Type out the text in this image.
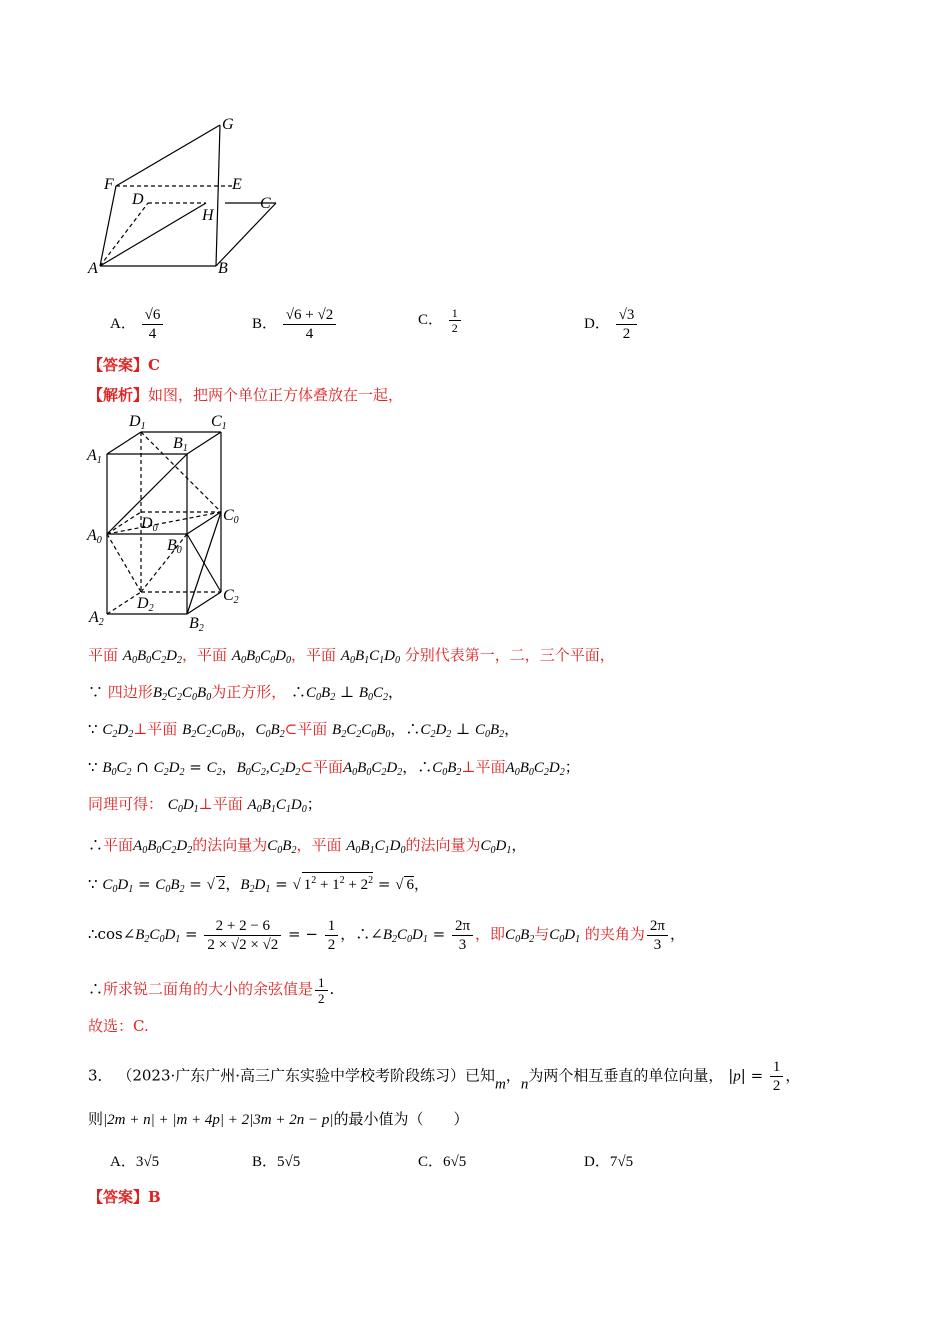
G
F	E
D
H
C
A	B
A． $\frac{√6}{4}$	B． $\frac{√6 + √2}{4}$	C． $\frac{1}{2}$	D． $\frac{√3}{2}$
【答案】C
【解析】如图，把两个单位正方体叠放在一起，
D1	C1
B1
A1
C0
D0
A0	B0
C2
D2
A2	B2
平面 $A_0B_0C_2D_2$，平面 $A_0B_0C_0D_0$，平面 $A_0B_1C_1D_0$ 分别代表第一，二，三个平面，
∵ 四边形$B_2C_2C_0B_0$为正方形， $\therefore C_0B_2$ ⊥ $B_0C_2$，
∵ $C_2D_2\perp$平面 $B_2C_2C_0B_0$，$C_0B_2\subset$平面 $B_2C_2C_0B_0$，$\therefore C_2D_2$ ⊥ $C_0B_2$，
∵ $B_0C_2$ ∩ $C_2D_2 = C_2$，$B_0C_2,C_2D_2\subset$平面$A_0B_0C_2D_2$，$\therefore C_0B_2\perp$平面$A_0B_0C_2D_2$；
同理可得： $C_0D_1\perp$平面 $A_0B_1C_1D_0$；
∴平面$A_0B_0C_2D_2$的法向量为$C_0B_2$，平面 $A_0B_1C_1D_0$的法向量为$C_0D_1$，
∵ $C_0D_1 = C_0B_2$ = √ 2，$B_2D_1$ = √ $1^2 + 1^2 + 2^2$ = √ 6，
$\therefore\cos\angle B_2C_0D_1 = \frac{2 + 2 - 6}{2 \times √2 \times √2}$ = − $\frac{1}{2}$ ，$\therefore\angle B_2C_0D_1 = \frac{2\pi}{3}$ ，即$C_0B_2$与$C_0D_1$ 的夹角为 $\frac{2\pi}{3}$ ，
∴所求锐二面角的大小的余弦值是 $\frac{1}{2}$ .
故选：C.
3． （2023·广东广州·高三广东实验中学校考阶段练习）已知m，n为两个相互垂直的单位向量， $|p| = \frac{1}{2}$ ，
则|2m + n| + |m + 4p| + 2|3m + 2n − p|的最小值为（　　）
A．3√5	B．5√5	C．6√5	D．7√5
【答案】B
